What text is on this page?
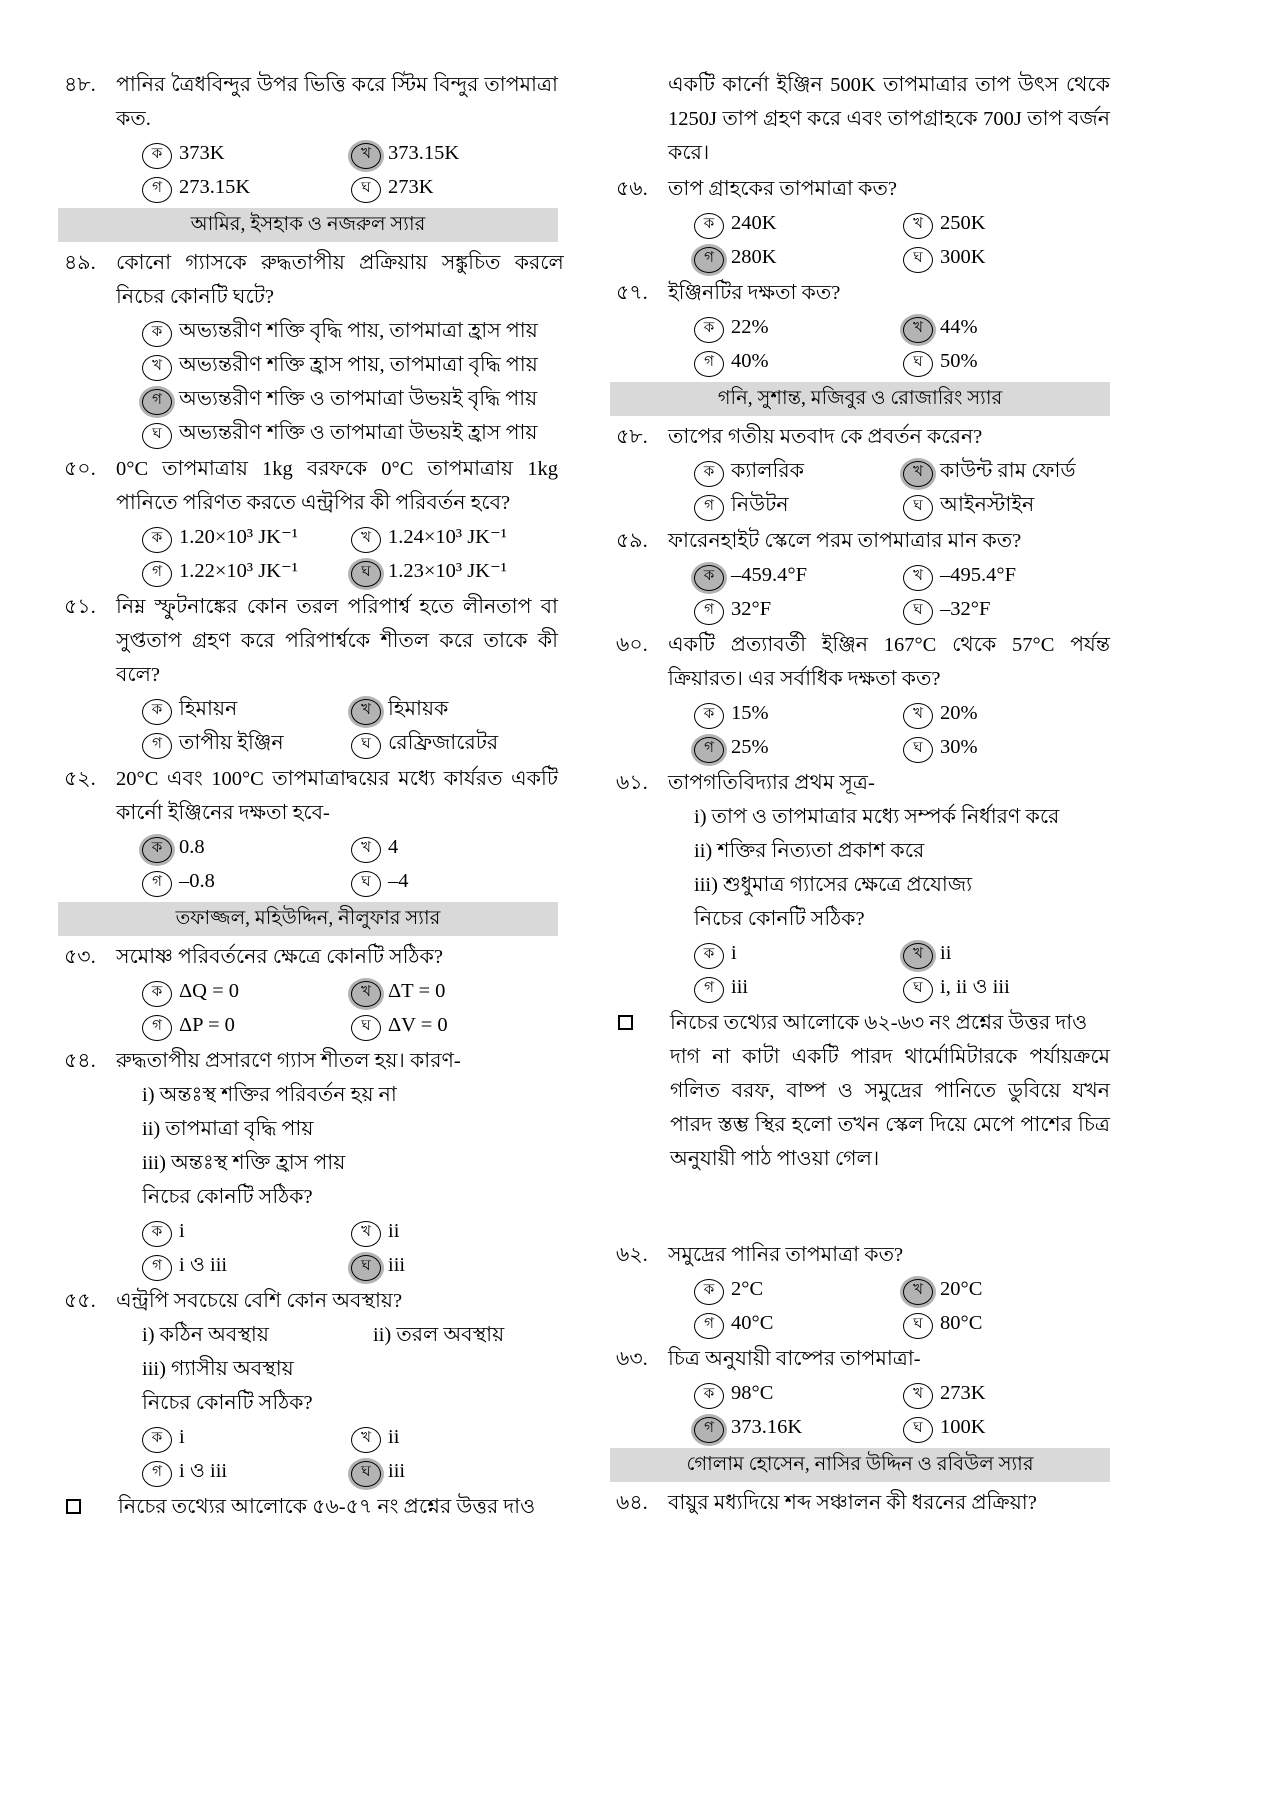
৪৮. পানির ত্রৈধবিন্দুর উপর ভিত্তি করে স্টিম বিন্দুর তাপমাত্রা কত.

ক 373K	খ 373.15K
গ 273.15K	ঘ 273K
আমির, ইসহাক ও নজরুল স্যার
৪৯. কোনো গ্যাসকে রুদ্ধতাপীয় প্রক্রিয়ায় সঙ্কুচিত করলে নিচের কোনটি ঘটে?

ক অভ্যন্তরীণ শক্তি বৃদ্ধি পায়, তাপমাত্রা হ্রাস পায়
খ অভ্যন্তরীণ শক্তি হ্রাস পায়, তাপমাত্রা বৃদ্ধি পায়
গ অভ্যন্তরীণ শক্তি ও তাপমাত্রা উভয়ই বৃদ্ধি পায়
ঘ অভ্যন্তরীণ শক্তি ও তাপমাত্রা উভয়ই হ্রাস পায়
৫০. 0°C তাপমাত্রায় 1kg বরফকে 0°C তাপমাত্রায় 1kg পানিতে পরিণত করতে এন্ট্রপির কী পরিবর্তন হবে?

ক 1.20×10³ JK⁻¹	খ 1.24×10³ JK⁻¹
গ 1.22×10³ JK⁻¹	ঘ 1.23×10³ JK⁻¹
৫১. নিম্ন স্ফুটনাঙ্কের কোন তরল পরিপার্শ্ব হতে লীনতাপ বা সুপ্ততাপ গ্রহণ করে পরিপার্শ্বকে শীতল করে তাকে কী বলে?

ক হিমায়ন	খ হিমায়ক
গ তাপীয় ইঞ্জিন	ঘ রেফ্রিজারেটর
৫২. 20°C এবং 100°C তাপমাত্রাদ্বয়ের মধ্যে কার্যরত একটি কার্নো ইঞ্জিনের দক্ষতা হবে-

ক 0.8	খ 4
গ –0.8	ঘ –4
তফাজ্জল, মহিউদ্দিন, নীলুফার স্যার
৫৩. সমোষ্ণ পরিবর্তনের ক্ষেত্রে কোনটি সঠিক?

ক ΔQ = 0	খ ΔT = 0
গ ΔP = 0	ঘ ΔV = 0
৫৪. রুদ্ধতাপীয় প্রসারণে গ্যাস শীতল হয়। কারণ-

i) অন্তঃস্থ শক্তির পরিবর্তন হয় না
ii) তাপমাত্রা বৃদ্ধি পায়
iii) অন্তঃস্থ শক্তি হ্রাস পায়
নিচের কোনটি সঠিক?
ক i	খ ii
গ i ও iii	ঘ iii
৫৫. এন্ট্রপি সবচেয়ে বেশি কোন অবস্থায়?

i) কঠিন অবস্থায়	ii) তরল অবস্থায়
iii) গ্যাসীয় অবস্থায়
নিচের কোনটি সঠিক?
ক i	খ ii
গ i ও iii	ঘ iii

নিচের তথ্যের আলোকে ৫৬-৫৭ নং প্রশ্নের উত্তর দাও

একটি কার্নো ইঞ্জিন 500K তাপমাত্রার তাপ উৎস থেকে 1250J তাপ গ্রহণ করে এবং তাপগ্রাহকে 700J তাপ বর্জন করে।

৫৬. তাপ গ্রাহকের তাপমাত্রা কত?

ক 240K	খ 250K
গ 280K	ঘ 300K
৫৭. ইঞ্জিনটির দক্ষতা কত?

ক 22%	খ 44%
গ 40%	ঘ 50%
গনি, সুশান্ত, মজিবুর ও রোজারিং স্যার
৫৮. তাপের গতীয় মতবাদ কে প্রবর্তন করেন?

ক ক্যালরিক	খ কাউন্ট রাম ফোর্ড
গ নিউটন	ঘ আইনস্টাইন
৫৯. ফারেনহাইট স্কেলে পরম তাপমাত্রার মান কত?

ক –459.4°F	খ –495.4°F
গ 32°F	ঘ –32°F
৬০. একটি প্রত্যাবর্তী ইঞ্জিন 167°C থেকে 57°C পর্যন্ত ক্রিয়ারত। এর সর্বাধিক দক্ষতা কত?

ক 15%	খ 20%
গ 25%	ঘ 30%
৬১. তাপগতিবিদ্যার প্রথম সূত্র-

i) তাপ ও তাপমাত্রার মধ্যে সম্পর্ক নির্ধারণ করে
ii) শক্তির নিত্যতা প্রকাশ করে
iii) শুধুমাত্র গ্যাসের ক্ষেত্রে প্রযোজ্য
নিচের কোনটি সঠিক?
ক i	খ ii
গ iii	ঘ i, ii ও iii

নিচের তথ্যের আলোকে ৬২-৬৩ নং প্রশ্নের উত্তর দাও

দাগ না কাটা একটি পারদ থার্মোমিটারকে পর্যায়ক্রমে গলিত বরফ, বাষ্প ও সমুদ্রের পানিতে ডুবিয়ে যখন পারদ স্তম্ভ স্থির হলো তখন স্কেল দিয়ে মেপে পাশের চিত্র অনুযায়ী পাঠ পাওয়া গেল।

৬২. সমুদ্রের পানির তাপমাত্রা কত?

ক 2°C	খ 20°C
গ 40°C	ঘ 80°C
৬৩. চিত্র অনুযায়ী বাষ্পের তাপমাত্রা-

ক 98°C	খ 273K
গ 373.16K	ঘ 100K
গোলাম হোসেন, নাসির উদ্দিন ও রবিউল স্যার
৬৪. বায়ুর মধ্যদিয়ে শব্দ সঞ্চালন কী ধরনের প্রক্রিয়া?
